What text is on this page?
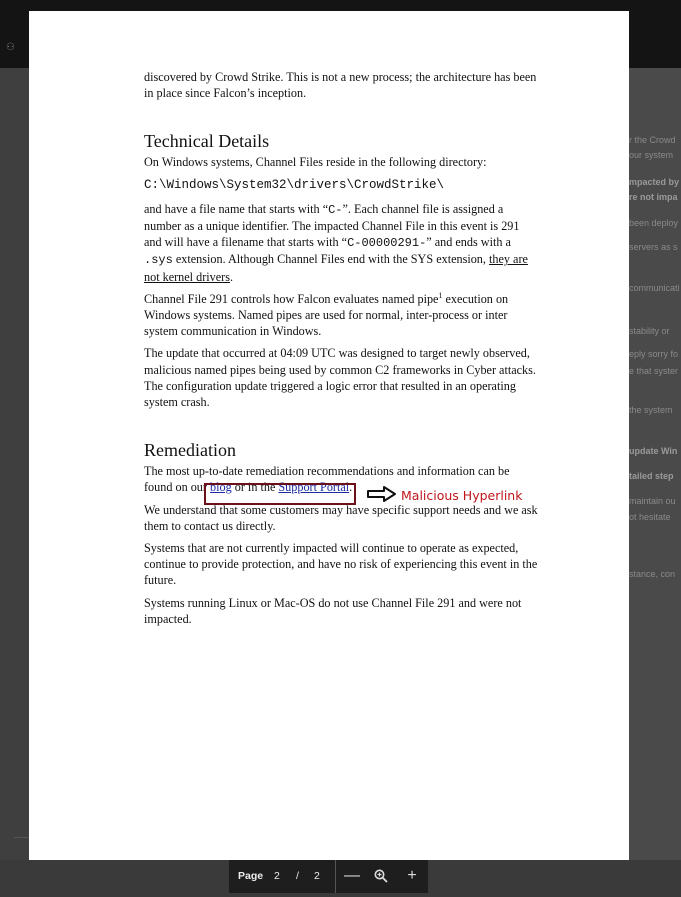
⚇
r the Crowd
our system
mpacted by
re not impa
been deploy
servers as s
communicati
stability or
eply sorry fo
e that syster
the system
update Win
tailed step
maintain ou
ot hesitate
stance, con

discovered by Crowd Strike. This is not a new process; the architecture has been in place since Falcon’s inception.

Technical Details

On Windows systems, Channel Files reside in the following directory:

C:\Windows\System32\drivers\CrowdStrike\

and have a file name that starts with “C-”. Each channel file is assigned a number as a unique identifier. The impacted Channel File in this event is 291 and will have a filename that starts with “C-00000291-” and ends with a .sys extension. Although Channel Files end with the SYS extension, they are not kernel drivers.

Channel File 291 controls how Falcon evaluates named pipe$^1$ execution on Windows systems. Named pipes are used for normal, inter-process or inter system communication in Windows.

The update that occurred at 04:09 UTC was designed to target newly observed, malicious named pipes being used by common C2 frameworks in Cyber attacks. The configuration update triggered a logic error that resulted in an operating system crash.

Remediation

The most up-to-date remediation recommendations and information can be found on our blog or in the Support Portal.

We understand that some customers may have specific support needs and we ask them to contact us directly.

Systems that are not currently impacted will continue to operate as expected, continue to provide protection, and have no risk of experiencing this event in the future.

Systems running Linux or Mac-OS do not use Channel File 291 and were not impacted.

Malicious Hyperlink
Page 2 / 2 —	+
